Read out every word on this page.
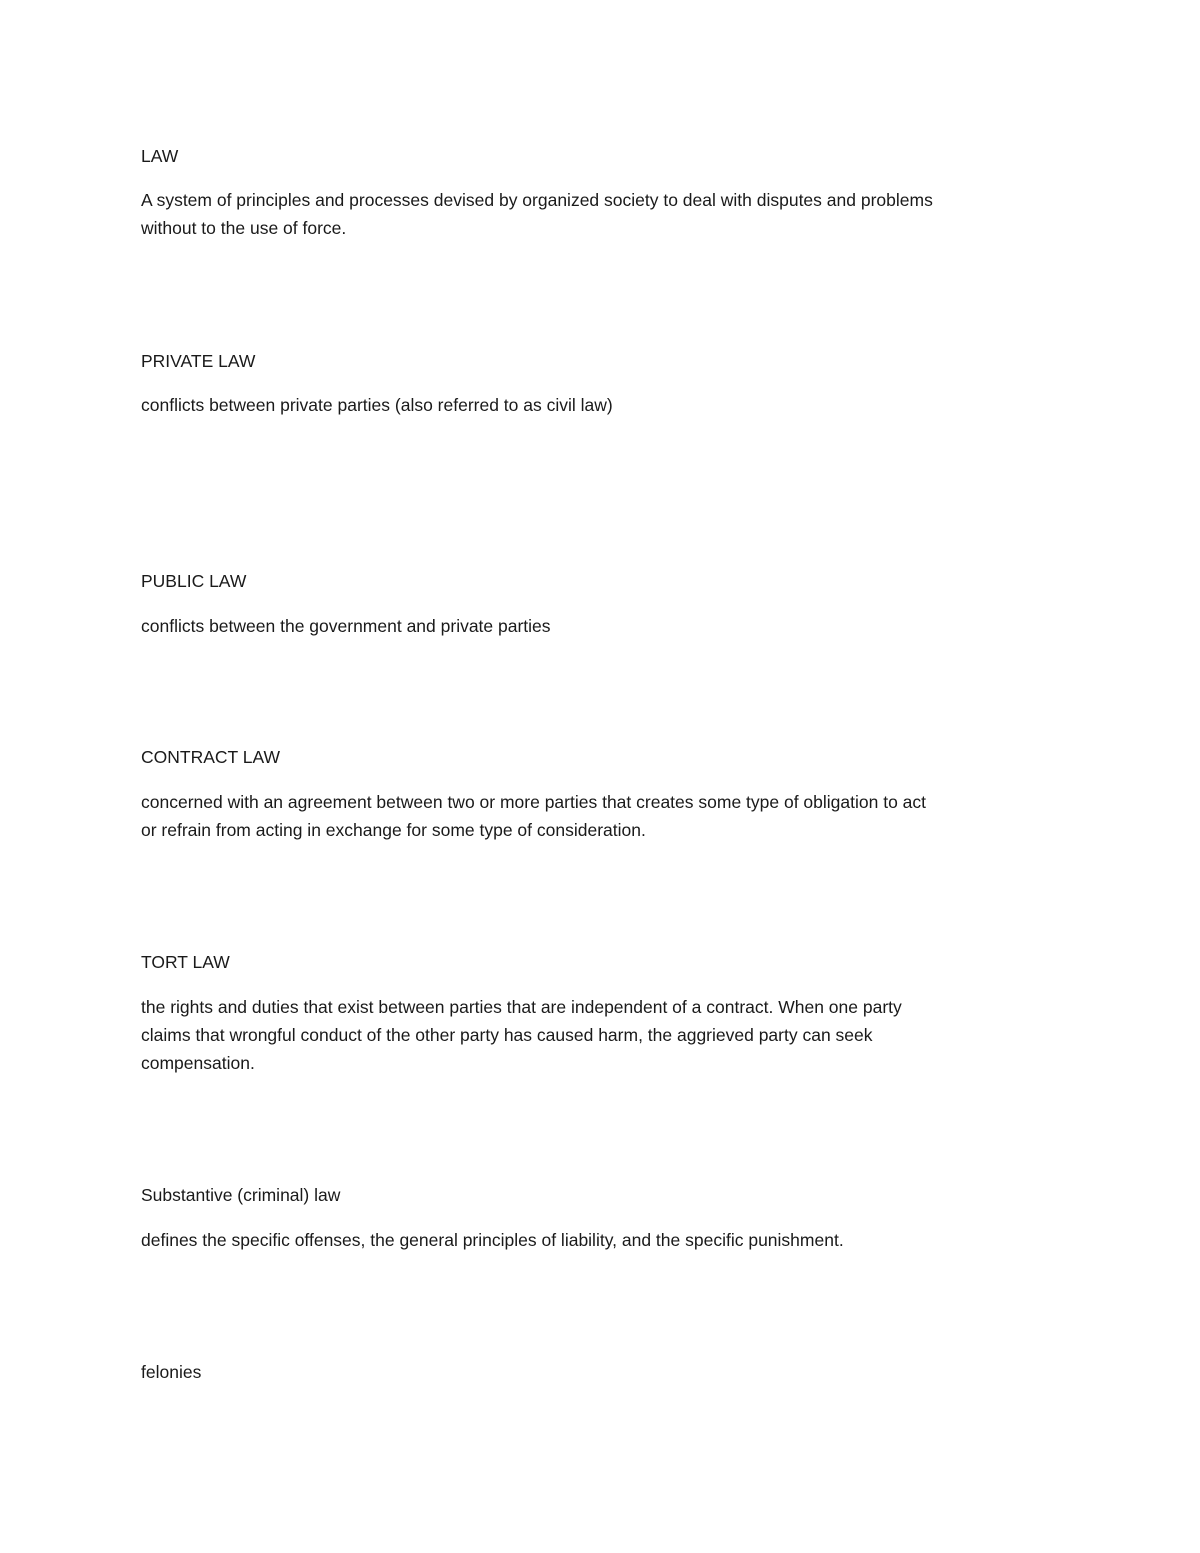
LAW

A system of principles and processes devised by organized society to deal with disputes and problems
without to the use of force.

PRIVATE LAW

conflicts between private parties (also referred to as civil law)

PUBLIC LAW

conflicts between the government and private parties

CONTRACT LAW

concerned with an agreement between two or more parties that creates some type of obligation to act
or refrain from acting in exchange for some type of consideration.

TORT LAW

the rights and duties that exist between parties that are independent of a contract. When one party
claims that wrongful conduct of the other party has caused harm, the aggrieved party can seek
compensation.

Substantive (criminal) law

defines the specific offenses, the general principles of liability, and the specific punishment.

felonies
